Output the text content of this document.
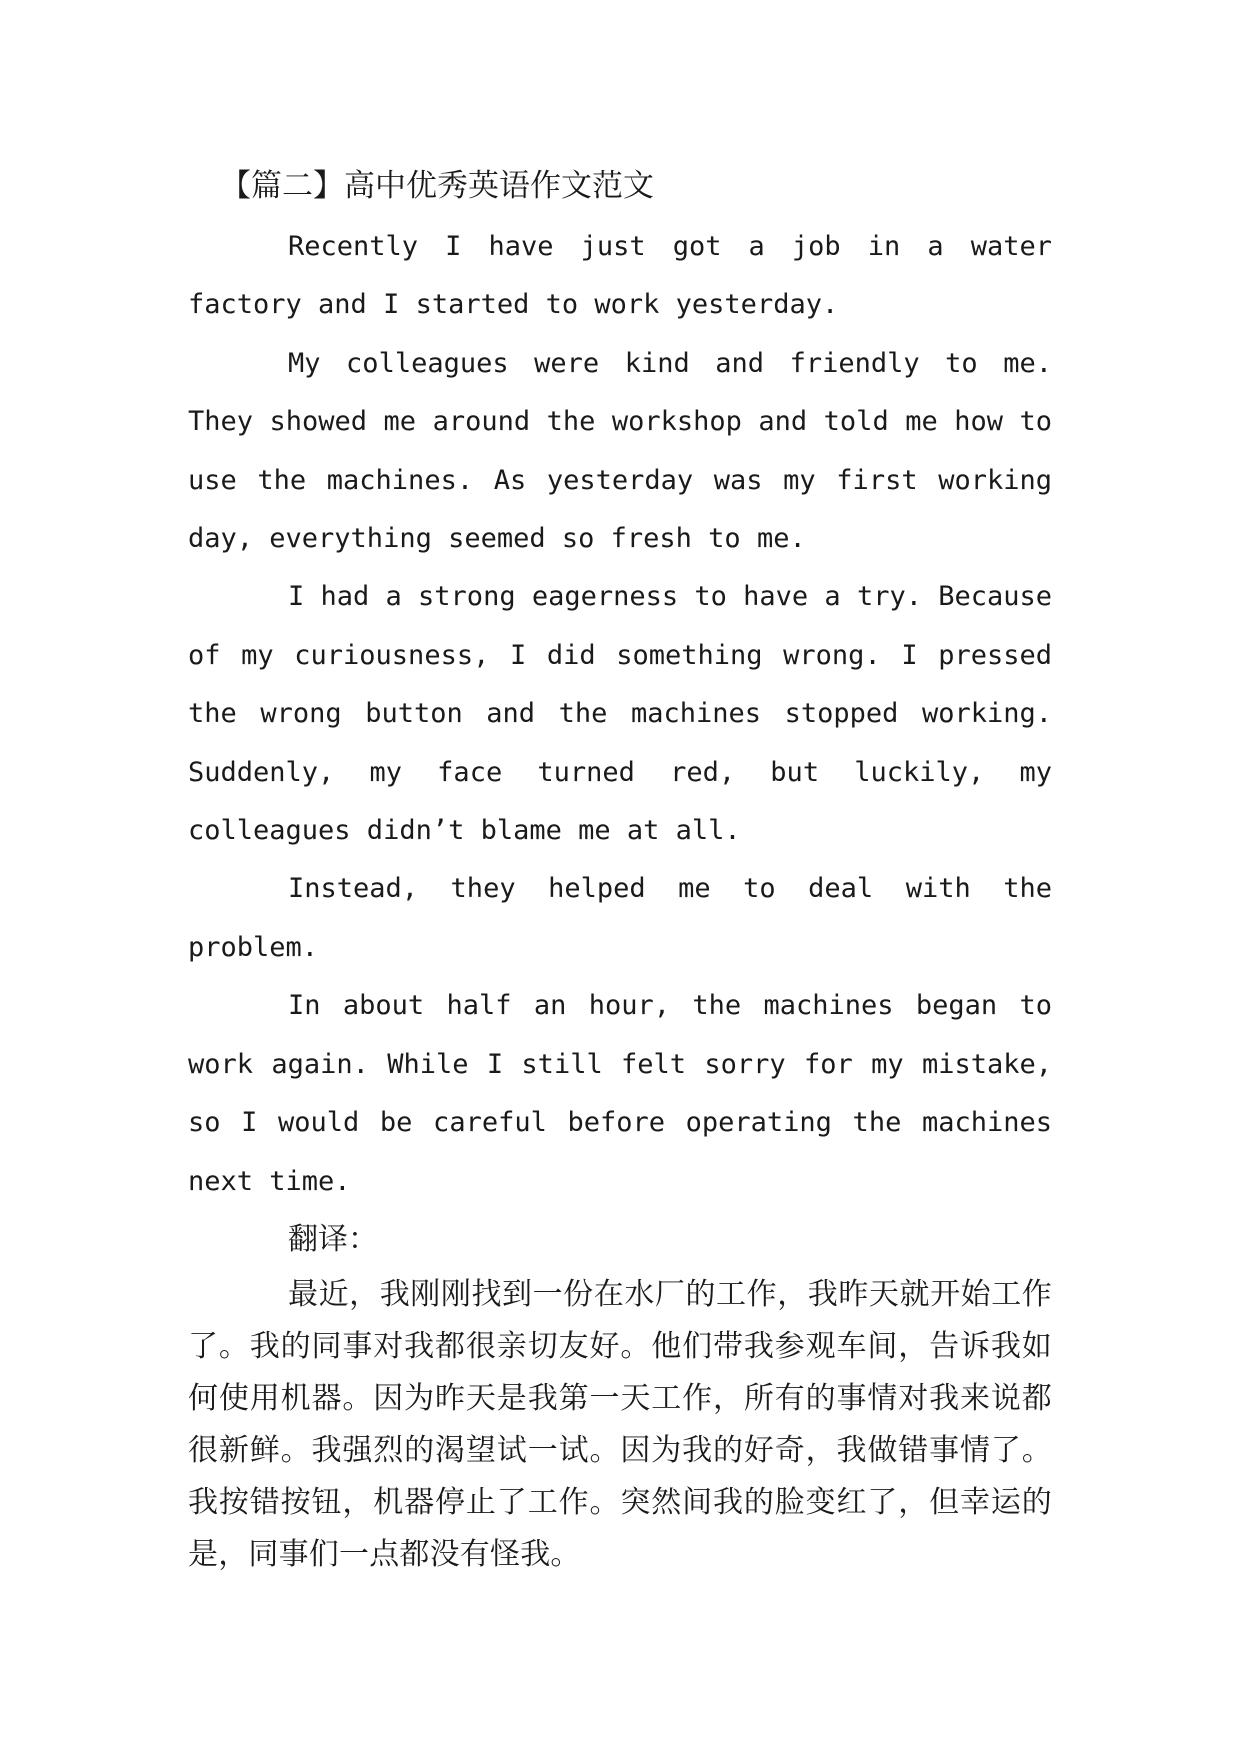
【篇二】高中优秀英语作文范文

Recently I have just got a job in a water factory and I started to work yesterday.

My colleagues were kind and friendly to me. They showed me around the workshop and told me how to use the machines. As yesterday was my first working day, everything seemed so fresh to me.

I had a strong eagerness to have a try. Because of my curiousness, I did something wrong. I pressed the wrong button and the machines stopped working. Suddenly, my face turned red, but luckily, my colleagues didn’t blame me at all.

Instead, they helped me to deal with the problem.

In about half an hour, the machines began to work again. While I still felt sorry for my mistake, so I would be careful before operating the machines next time.

翻译：

最近，我刚刚找到一份在水厂的工作，我昨天就开始工作了。我的同事对我都很亲切友好。他们带我参观车间，告诉我如何使用机器。因为昨天是我第一天工作，所有的事情对我来说都很新鲜。我强烈的渴望试一试。因为我的好奇，我做错事情了。我按错按钮，机器停止了工作。突然间我的脸变红了，但幸运的是，同事们一点都没有怪我。
